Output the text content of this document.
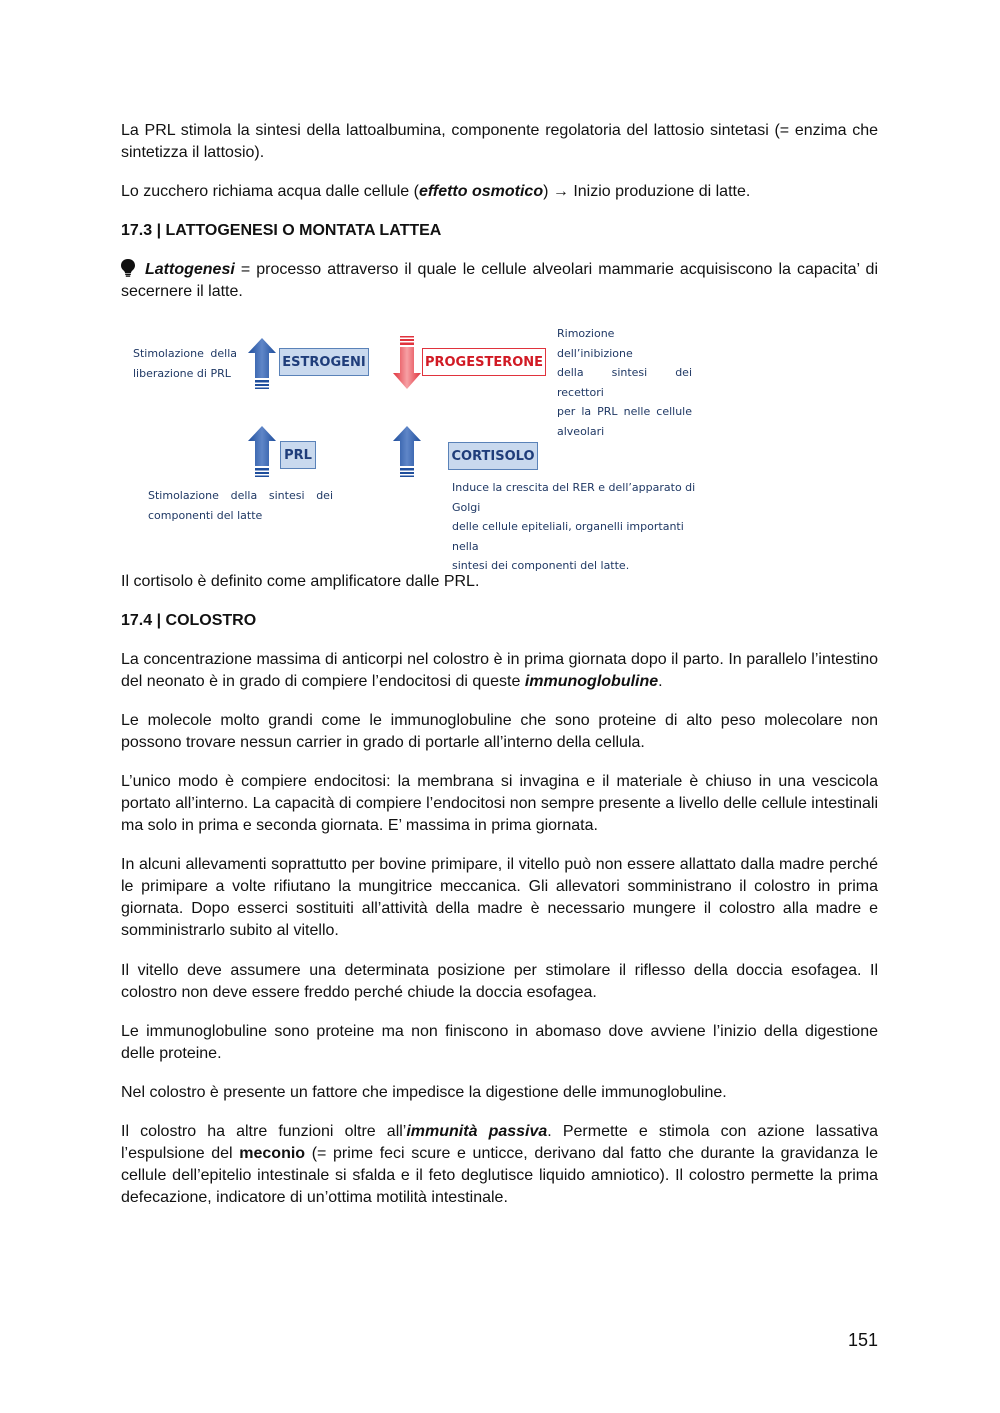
La PRL stimola la sintesi della lattoalbumina, componente regolatoria del lattosio sintetasi (= enzima che sintetizza il lattosio).

Lo zucchero richiama acqua dalle cellule (effetto osmotico) → Inizio produzione di latte.

17.3 | LATTOGENESI O MONTATA LATTEA

Lattogenesi = processo attraverso il quale le cellule alveolari mammarie acquisiscono la capacita’ di secernere il latte.

Stimolazione della
liberazione di PRL
ESTROGENI	PROGESTERONE
Rimozione dell’inibizione
della sintesi dei recettori
per la PRL nelle cellule
alveolari
PRL	CORTISOLO
Stimolazione della sintesi dei
componenti del latte
Induce la crescita del RER e dell’apparato di Golgi
delle cellule epiteliali, organelli importanti nella
sintesi dei componenti del latte.

Il cortisolo è definito come amplificatore dalle PRL.

17.4 | COLOSTRO

La concentrazione massima di anticorpi nel colostro è in prima giornata dopo il parto. In parallelo l’intestino del neonato è in grado di compiere l’endocitosi di queste immunoglobuline.

Le molecole molto grandi come le immunoglobuline che sono proteine di alto peso molecolare non possono trovare nessun carrier in grado di portarle all’interno della cellula.

L’unico modo è compiere endocitosi: la membrana si invagina e il materiale è chiuso in una vescicola portato all’interno. La capacità di compiere l’endocitosi non sempre presente a livello delle cellule intestinali ma solo in prima e seconda giornata. E’ massima in prima giornata.

In alcuni allevamenti soprattutto per bovine primipare, il vitello può non essere allattato dalla madre perché le primipare a volte rifiutano la mungitrice meccanica. Gli allevatori somministrano il colostro in prima giornata. Dopo esserci sostituiti all’attività della madre è necessario mungere il colostro alla madre e somministrarlo subito al vitello.

Il vitello deve assumere una determinata posizione per stimolare il riflesso della doccia esofagea. Il colostro non deve essere freddo perché chiude la doccia esofagea.

Le immunoglobuline sono proteine ma non finiscono in abomaso dove avviene l’inizio della digestione delle proteine.

Nel colostro è presente un fattore che impedisce la digestione delle immunoglobuline.

Il colostro ha altre funzioni oltre all’immunità passiva. Permette e stimola con azione lassativa l’espulsione del meconio (= prime feci scure e unticce, derivano dal fatto che durante la gravidanza le cellule dell’epitelio intestinale si sfalda e il feto deglutisce liquido amniotico). Il colostro permette la prima defecazione, indicatore di un’ottima motilità intestinale.

151
